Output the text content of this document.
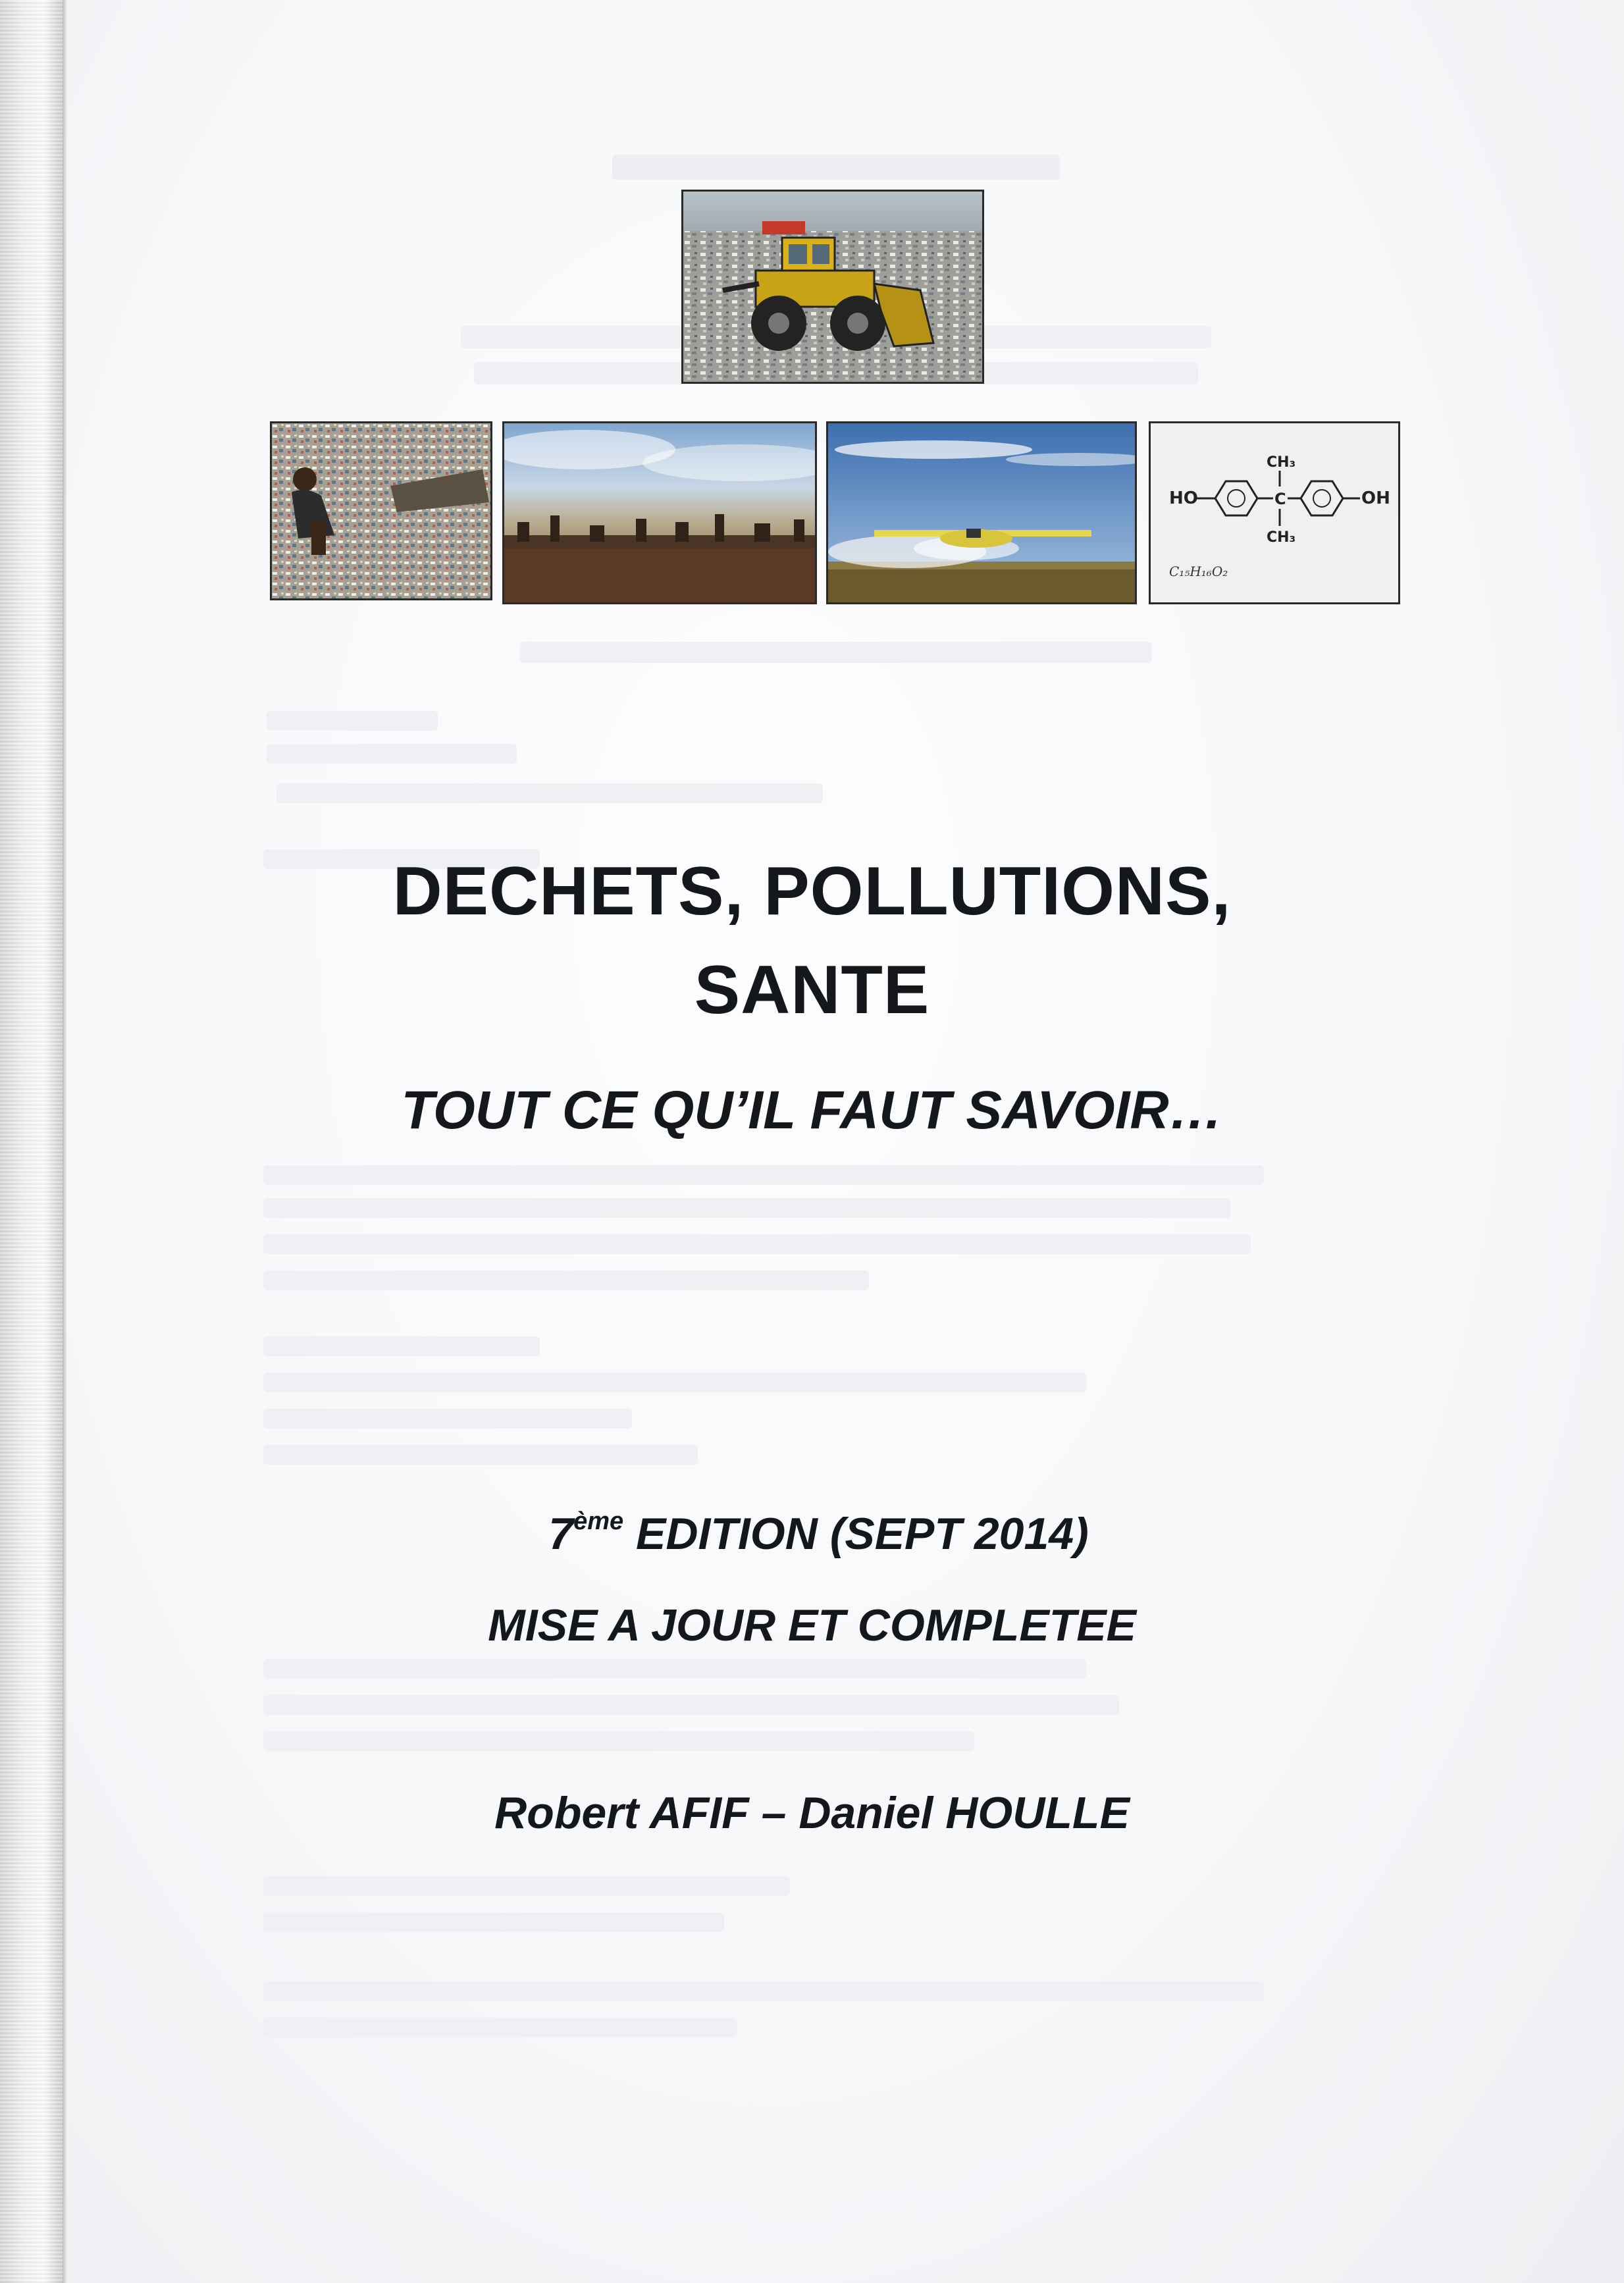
HO	C
CH₃
CH₃
OH
C₁₅H₁₆O₂
DECHETS, POLLUTIONS,
SANTE
TOUT CE QU’IL FAUT SAVOIR…
7ème EDITION (SEPT 2014)
MISE A JOUR ET COMPLETEE
Robert AFIF – Daniel HOULLE
